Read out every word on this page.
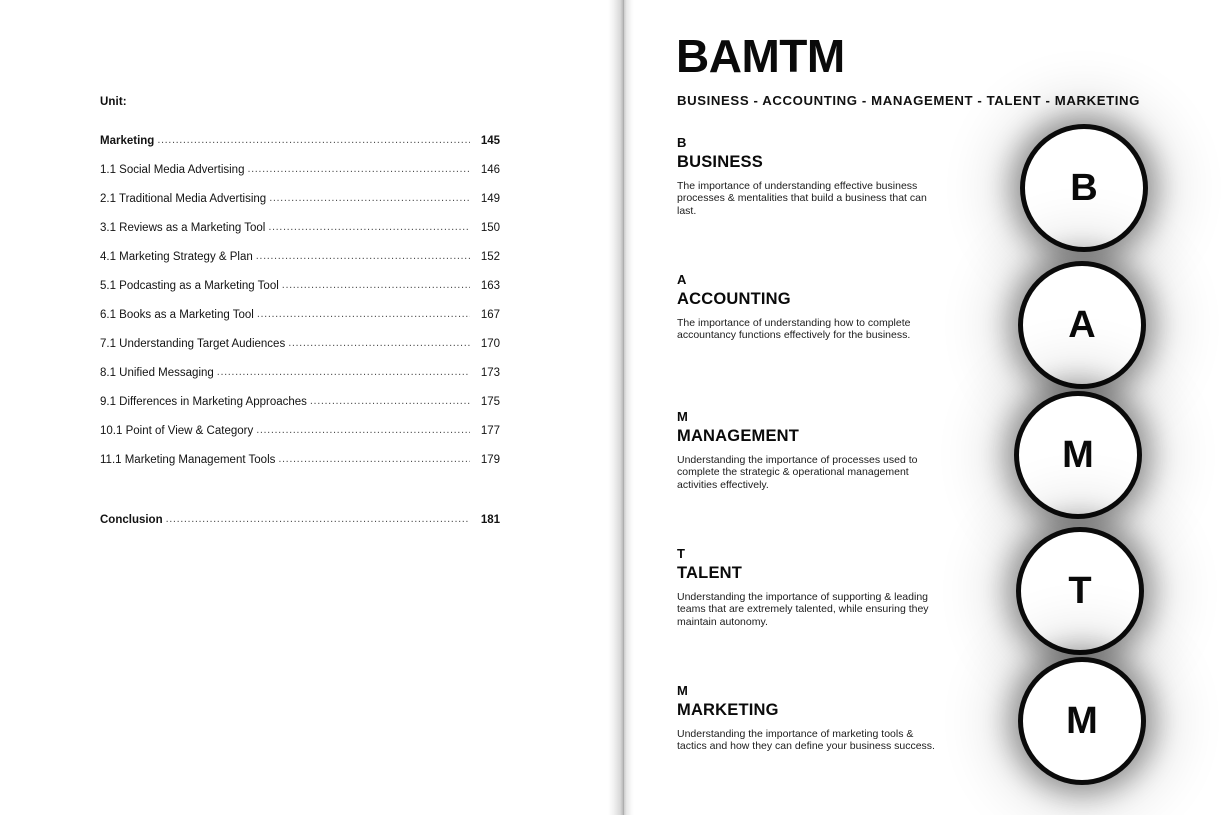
Unit:
Marketing .....	145
1.1 Social Media Advertising .....	146
2.1 Traditional Media Advertising .....	149
3.1 Reviews as a Marketing Tool .....	150
4.1 Marketing Strategy & Plan .....	152
5.1 Podcasting as a Marketing Tool .....	163
6.1 Books as a Marketing Tool .....	167
7.1 Understanding Target Audiences .....	170
8.1 Unified Messaging .....	173
9.1 Differences in Marketing Approaches .....	175
10.1 Point of View & Category .....	177
11.1 Marketing Management Tools .....	179
Conclusion .....	181
BAMTM
BUSINESS - ACCOUNTING - MANAGEMENT - TALENT - MARKETING
B
BUSINESS
The importance of understanding effective business processes & mentalities that build a business that can last.
A
ACCOUNTING
The importance of understanding how to complete accountancy functions effectively for the business.
M
MANAGEMENT
Understanding the importance of processes used to complete the strategic & operational management activities effectively.
T
TALENT
Understanding the importance of supporting & leading teams that are extremely talented, while ensuring they maintain autonomy.
M
MARKETING
Understanding the importance of marketing tools & tactics and how they can define your business success.
B
A
M
T
M
